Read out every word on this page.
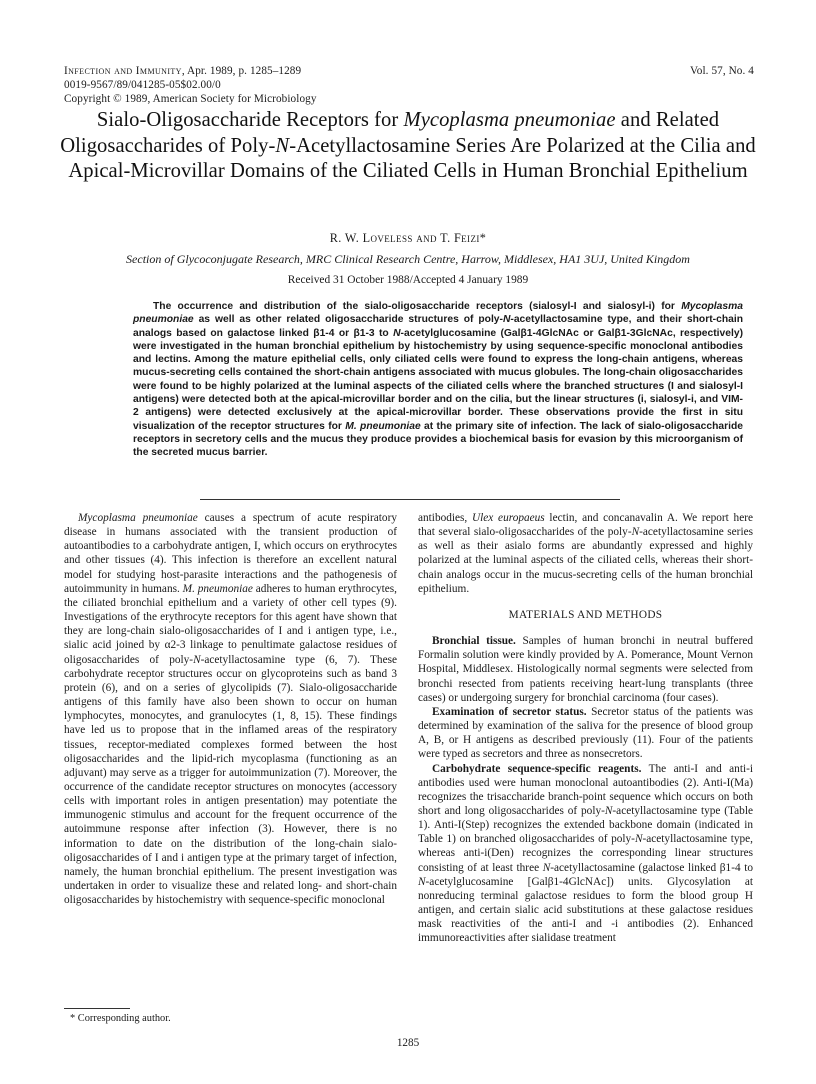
Infection and Immunity, Apr. 1989, p. 1285–1289
0019-9567/89/041285-05$02.00/0
Copyright © 1989, American Society for Microbiology
Vol. 57, No. 4
Sialo-Oligosaccharide Receptors for Mycoplasma pneumoniae and Related Oligosaccharides of Poly-N-Acetyllactosamine Series Are Polarized at the Cilia and Apical-Microvillar Domains of the Ciliated Cells in Human Bronchial Epithelium
R. W. Loveless and T. Feizi*
Section of Glycoconjugate Research, MRC Clinical Research Centre, Harrow, Middlesex, HA1 3UJ, United Kingdom
Received 31 October 1988/Accepted 4 January 1989

The occurrence and distribution of the sialo-oligosaccharide receptors (sialosyl-I and sialosyl-i) for Mycoplasma pneumoniae as well as other related oligosaccharide structures of poly-N-acetyllactosamine type, and their short-chain analogs based on galactose linked β1-4 or β1-3 to N-acetylglucosamine (Galβ1-4GlcNAc or Galβ1-3GlcNAc, respectively) were investigated in the human bronchial epithelium by histochemistry by using sequence-specific monoclonal antibodies and lectins. Among the mature epithelial cells, only ciliated cells were found to express the long-chain antigens, whereas mucus-secreting cells contained the short-chain antigens associated with mucus globules. The long-chain oligosaccharides were found to be highly polarized at the luminal aspects of the ciliated cells where the branched structures (I and sialosyl-I antigens) were detected both at the apical-microvillar border and on the cilia, but the linear structures (i, sialosyl-i, and VIM-2 antigens) were detected exclusively at the apical-microvillar border. These observations provide the first in situ visualization of the receptor structures for M. pneumoniae at the primary site of infection. The lack of sialo-oligosaccharide receptors in secretory cells and the mucus they produce provides a biochemical basis for evasion by this microorganism of the secreted mucus barrier.

Mycoplasma pneumoniae causes a spectrum of acute respiratory disease in humans associated with the transient production of autoantibodies to a carbohydrate antigen, I, which occurs on erythrocytes and other tissues (4). This infection is therefore an excellent natural model for studying host-parasite interactions and the pathogenesis of autoimmunity in humans. M. pneumoniae adheres to human erythrocytes, the ciliated bronchial epithelium and a variety of other cell types (9). Investigations of the erythrocyte receptors for this agent have shown that they are long-chain sialo-oligosaccharides of I and i antigen type, i.e., sialic acid joined by α2-3 linkage to penultimate galactose residues of oligosaccharides of poly-N-acetyllactosamine type (6, 7). These carbohydrate receptor structures occur on glycoproteins such as band 3 protein (6), and on a series of glycolipids (7). Sialo-oligosaccharide antigens of this family have also been shown to occur on human lymphocytes, monocytes, and granulocytes (1, 8, 15). These findings have led us to propose that in the inflamed areas of the respiratory tissues, receptor-mediated complexes formed between the host oligosaccharides and the lipid-rich mycoplasma (functioning as an adjuvant) may serve as a trigger for autoimmunization (7). Moreover, the occurrence of the candidate receptor structures on monocytes (accessory cells with important roles in antigen presentation) may potentiate the immunogenic stimulus and account for the frequent occurrence of the autoimmune response after infection (3). However, there is no information to date on the distribution of the long-chain sialo-oligosaccharides of I and i antigen type at the primary target of infection, namely, the human bronchial epithelium. The present investigation was undertaken in order to visualize these and related long- and short-chain oligosaccharides by histochemistry with sequence-specific monoclonal

antibodies, Ulex europaeus lectin, and concanavalin A. We report here that several sialo-oligosaccharides of the poly-N-acetyllactosamine series as well as their asialo forms are abundantly expressed and highly polarized at the luminal aspects of the ciliated cells, whereas their short-chain analogs occur in the mucus-secreting cells of the human bronchial epithelium.

MATERIALS AND METHODS

Bronchial tissue. Samples of human bronchi in neutral buffered Formalin solution were kindly provided by A. Pomerance, Mount Vernon Hospital, Middlesex. Histologically normal segments were selected from bronchi resected from patients receiving heart-lung transplants (three cases) or undergoing surgery for bronchial carcinoma (four cases).

Examination of secretor status. Secretor status of the patients was determined by examination of the saliva for the presence of blood group A, B, or H antigens as described previously (11). Four of the patients were typed as secretors and three as nonsecretors.

Carbohydrate sequence-specific reagents. The anti-I and anti-i antibodies used were human monoclonal autoantibodies (2). Anti-I(Ma) recognizes the trisaccharide branch-point sequence which occurs on both short and long oligosaccharides of poly-N-acetyllactosamine type (Table 1). Anti-I(Step) recognizes the extended backbone domain (indicated in Table 1) on branched oligosaccharides of poly-N-acetyllactosamine type, whereas anti-i(Den) recognizes the corresponding linear structures consisting of at least three N-acetyllactosamine (galactose linked β1-4 to N-acetylglucosamine [Galβ1-4GlcNAc]) units. Glycosylation at nonreducing terminal galactose residues to form the blood group H antigen, and certain sialic acid substitutions at these galactose residues mask reactivities of the anti-I and -i antibodies (2). Enhanced immunoreactivities after sialidase treatment

* Corresponding author.
1285
